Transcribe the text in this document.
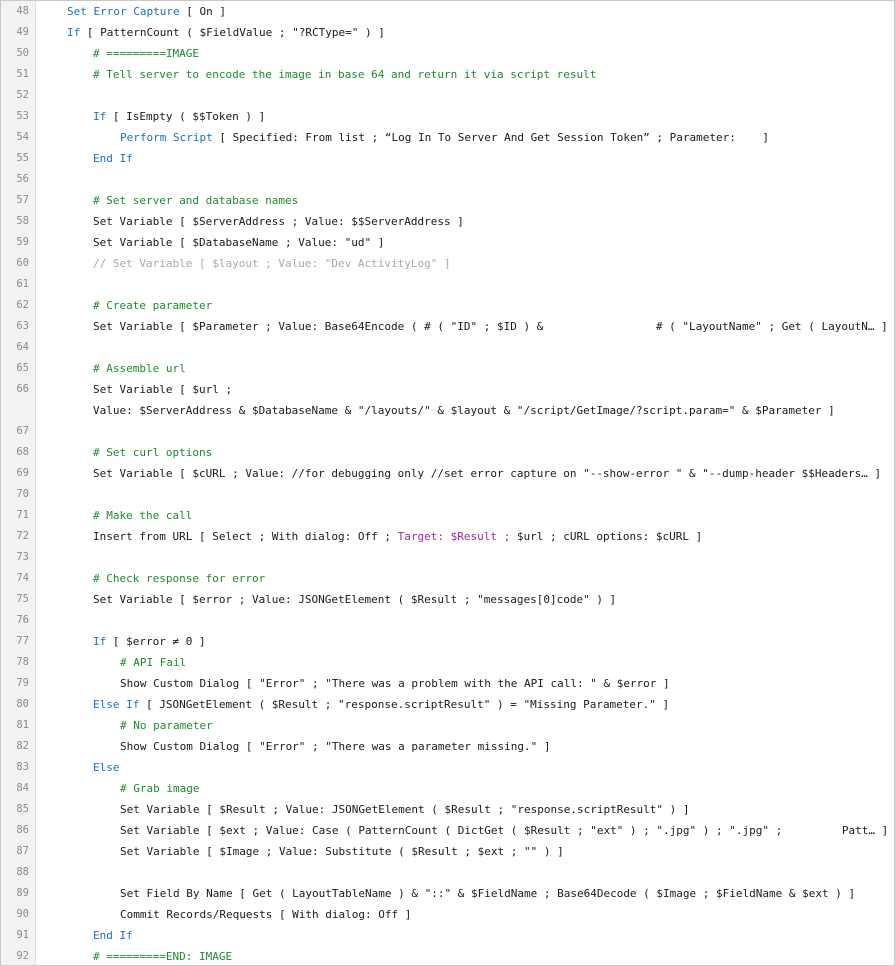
48	Set Error Capture [ On ]
49	If [ PatternCount ( $FieldValue ; "?RCType=" ) ]
50	# =========IMAGE
51	# Tell server to encode the image in base 64 and return it via script result
52
53	If [ IsEmpty ( $$Token ) ]
54	Perform Script [ Specified: From list ; “Log In To Server And Get Session Token” ; Parameter:    ]
55	End If
56
57	# Set server and database names
58	Set Variable [ $ServerAddress ; Value: $$ServerAddress ]
59	Set Variable [ $DatabaseName ; Value: "ud" ]
60	// Set Variable [ $layout ; Value: "Dev ActivityLog" ]
61
62	# Create parameter
63	Set Variable [ $Parameter ; Value: Base64Encode ( # ( "ID" ; $ID ) &                 # ( "LayoutName" ; Get ( LayoutN… ]
64
65	# Assemble url
66	Set Variable [ $url ;
Value: $ServerAddress & $DatabaseName & "/layouts/" & $layout & "/script/GetImage/?script.param=" & $Parameter ]
67
68	# Set curl options
69	Set Variable [ $cURL ; Value: //for debugging only //set error capture on "--show-error " & "--dump-header $$Headers… ]
70
71	# Make the call
72	Insert from URL [ Select ; With dialog: Off ; Target: $Result ; $url ; cURL options: $cURL ]
73
74	# Check response for error
75	Set Variable [ $error ; Value: JSONGetElement ( $Result ; "messages[0]code" ) ]
76
77	If [ $error ≠ 0 ]
78	# API Fail
79	Show Custom Dialog [ "Error" ; "There was a problem with the API call: " & $error ]
80	Else If [ JSONGetElement ( $Result ; "response.scriptResult" ) = "Missing Parameter." ]
81	# No parameter
82	Show Custom Dialog [ "Error" ; "There was a parameter missing." ]
83	Else
84	# Grab image
85	Set Variable [ $Result ; Value: JSONGetElement ( $Result ; "response.scriptResult" ) ]
86	Set Variable [ $ext ; Value: Case ( PatternCount ( DictGet ( $Result ; "ext" ) ; ".jpg" ) ; ".jpg" ;         Patt… ]
87	Set Variable [ $Image ; Value: Substitute ( $Result ; $ext ; "" ) ]
88
89	Set Field By Name [ Get ( LayoutTableName ) & "::" & $FieldName ; Base64Decode ( $Image ; $FieldName & $ext ) ]
90	Commit Records/Requests [ With dialog: Off ]
91	End If
92	# =========END: IMAGE
